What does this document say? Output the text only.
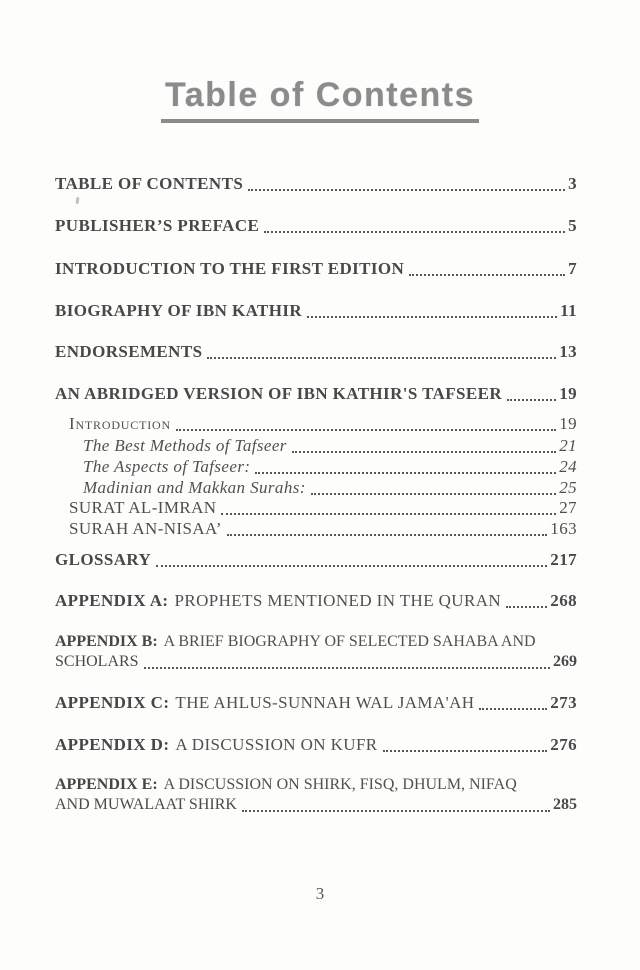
Table of Contents
TABLE OF CONTENTS	3
PUBLISHER’S PREFACE	5
INTRODUCTION TO THE FIRST EDITION	7
BIOGRAPHY OF IBN KATHIR	11
ENDORSEMENTS	13
AN ABRIDGED VERSION OF IBN KATHIR'S TAFSEER	19
Introduction	19
The Best Methods of Tafseer	21
The Aspects of Tafseer:	24
Madinian and Makkan Surahs:	25
SURAT AL-IMRAN	27
SURAH AN-NISAA’	163
GLOSSARY	217
APPENDIX A: PROPHETS MENTIONED IN THE QURAN	268
APPENDIX B: A BRIEF BIOGRAPHY OF SELECTED SAHABA AND
SCHOLARS	269
APPENDIX C: THE AHLUS-SUNNAH WAL JAMA'AH	273
APPENDIX D: A DISCUSSION ON KUFR	276
APPENDIX E: A DISCUSSION ON SHIRK, FISQ, DHULM, NIFAQ
AND MUWALAAT SHIRK	285
3
